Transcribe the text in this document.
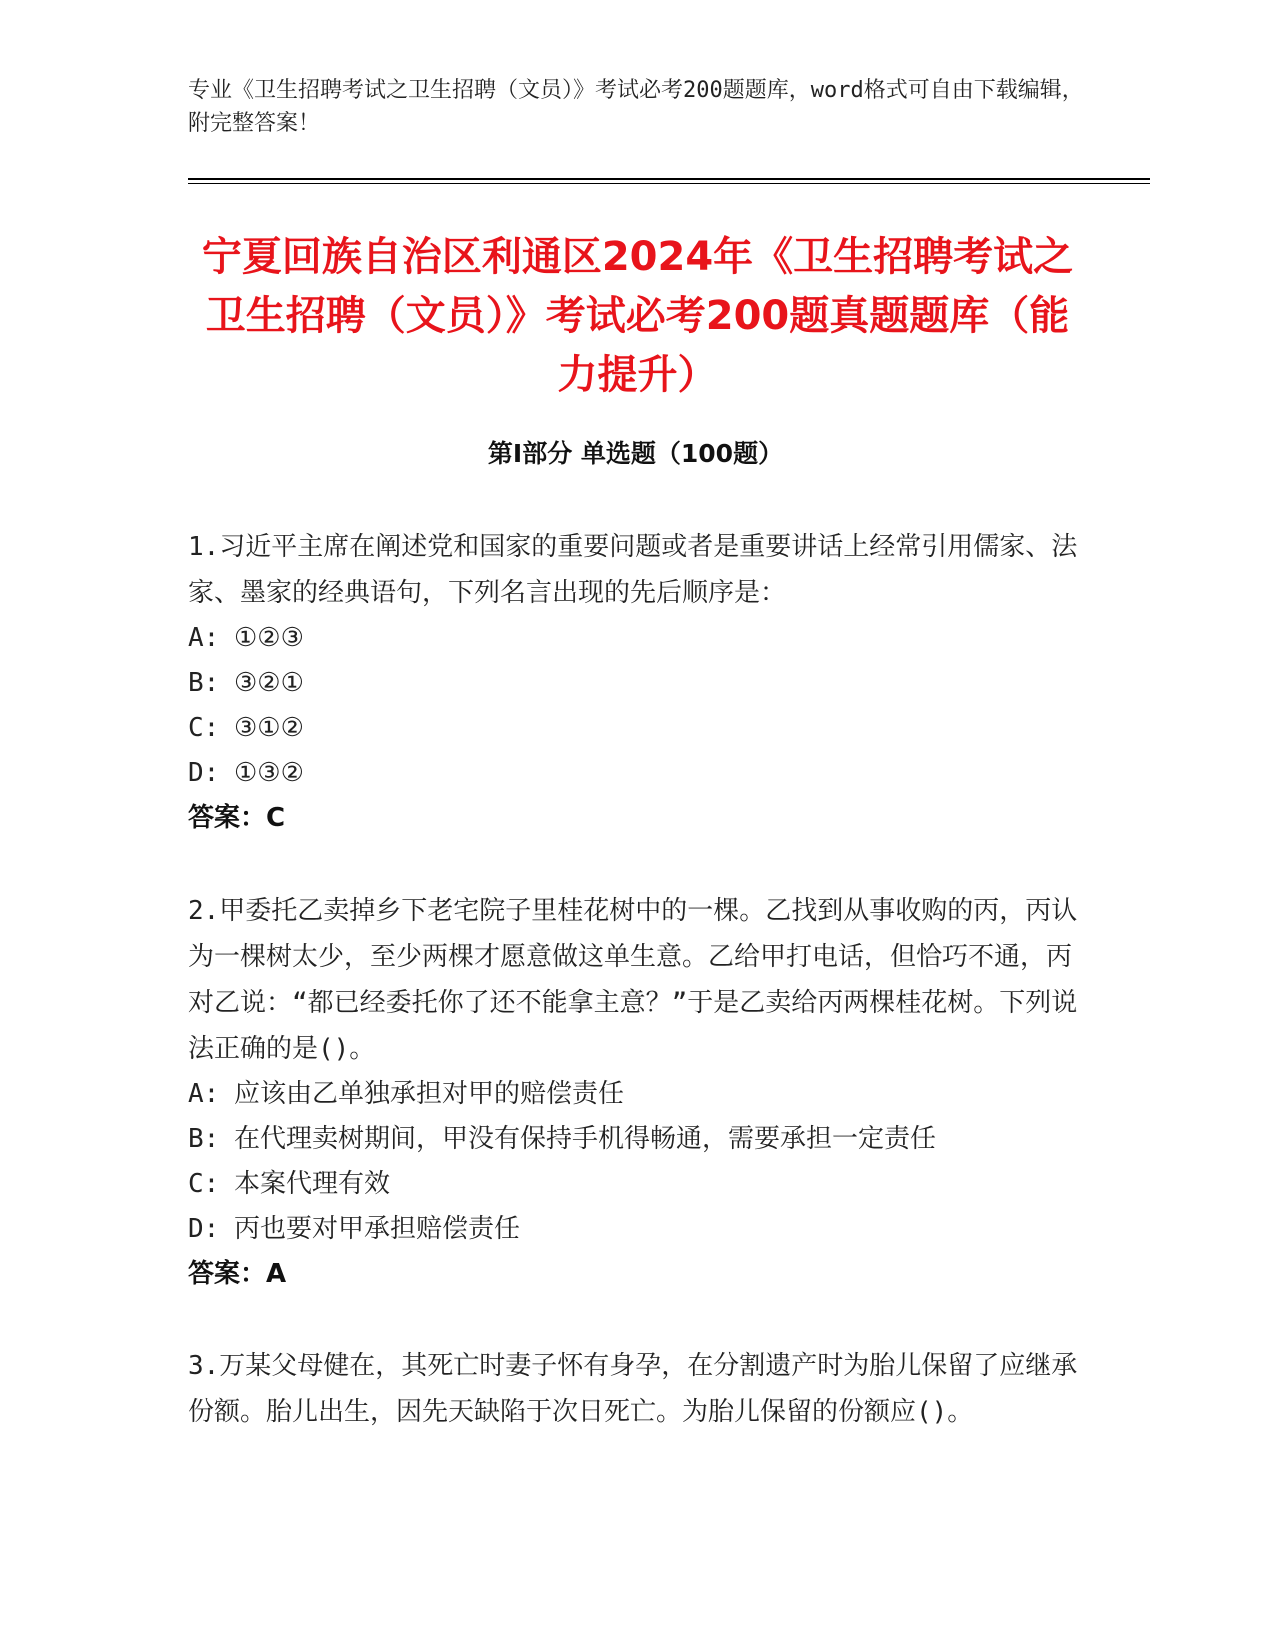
专业《卫生招聘考试之卫生招聘（文员）》考试必考200题题库，word格式可自由下载编辑，附完整答案！
宁夏回族自治区利通区2024年《卫生招聘考试之卫生招聘（文员）》考试必考200题真题题库（能力提升）
第Ⅰ部分 单选题（100题）
1.习近平主席在阐述党和国家的重要问题或者是重要讲话上经常引用儒家、法家、墨家的经典语句，下列名言出现的先后顺序是：
A: ①②③
B: ③②①
C: ③①②
D: ①③②
答案：C
2.甲委托乙卖掉乡下老宅院子里桂花树中的一棵。乙找到从事收购的丙，丙认为一棵树太少，至少两棵才愿意做这单生意。乙给甲打电话，但恰巧不通，丙对乙说：“都已经委托你了还不能拿主意？”于是乙卖给丙两棵桂花树。下列说法正确的是()。
A: 应该由乙单独承担对甲的赔偿责任
B: 在代理卖树期间，甲没有保持手机得畅通，需要承担一定责任
C: 本案代理有效
D: 丙也要对甲承担赔偿责任
答案：A
3.万某父母健在，其死亡时妻子怀有身孕，在分割遗产时为胎儿保留了应继承份额。胎儿出生，因先天缺陷于次日死亡。为胎儿保留的份额应()。
